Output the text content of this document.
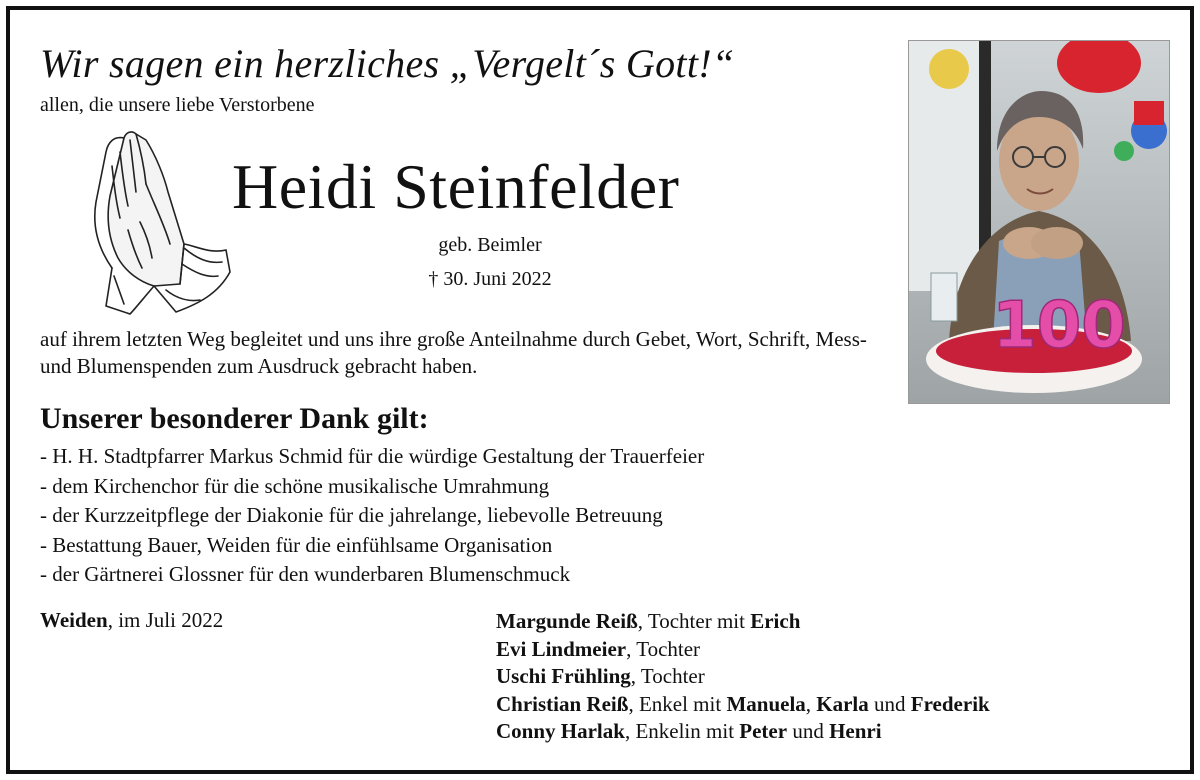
Wir sagen ein herzliches „Vergelt´s Gott!“
allen, die unsere liebe Verstorbene
Heidi Steinfelder
geb. Beimler
† 30. Juni 2022
auf ihrem letzten Weg begleitet und uns ihre große Anteilnahme durch Gebet, Wort, Schrift, Mess- und Blumenspenden zum Ausdruck gebracht haben.
100
Unserer besonderer Dank gilt:
- H. H. Stadtpfarrer Markus Schmid für die würdige Gestaltung der Trauerfeier
- dem Kirchenchor für die schöne musikalische Umrahmung
- der Kurzzeitpflege der Diakonie für die jahrelange, liebevolle Betreuung
- Bestattung Bauer, Weiden für die einfühlsame Organisation
- der Gärtnerei Glossner für den wunderbaren Blumenschmuck
Weiden, im Juli 2022	Margunde Reiß, Tochter mit Erich
Evi Lindmeier, Tochter
Uschi Frühling, Tochter
Christian Reiß, Enkel mit Manuela, Karla und Frederik
Conny Harlak, Enkelin mit Peter und Henri
